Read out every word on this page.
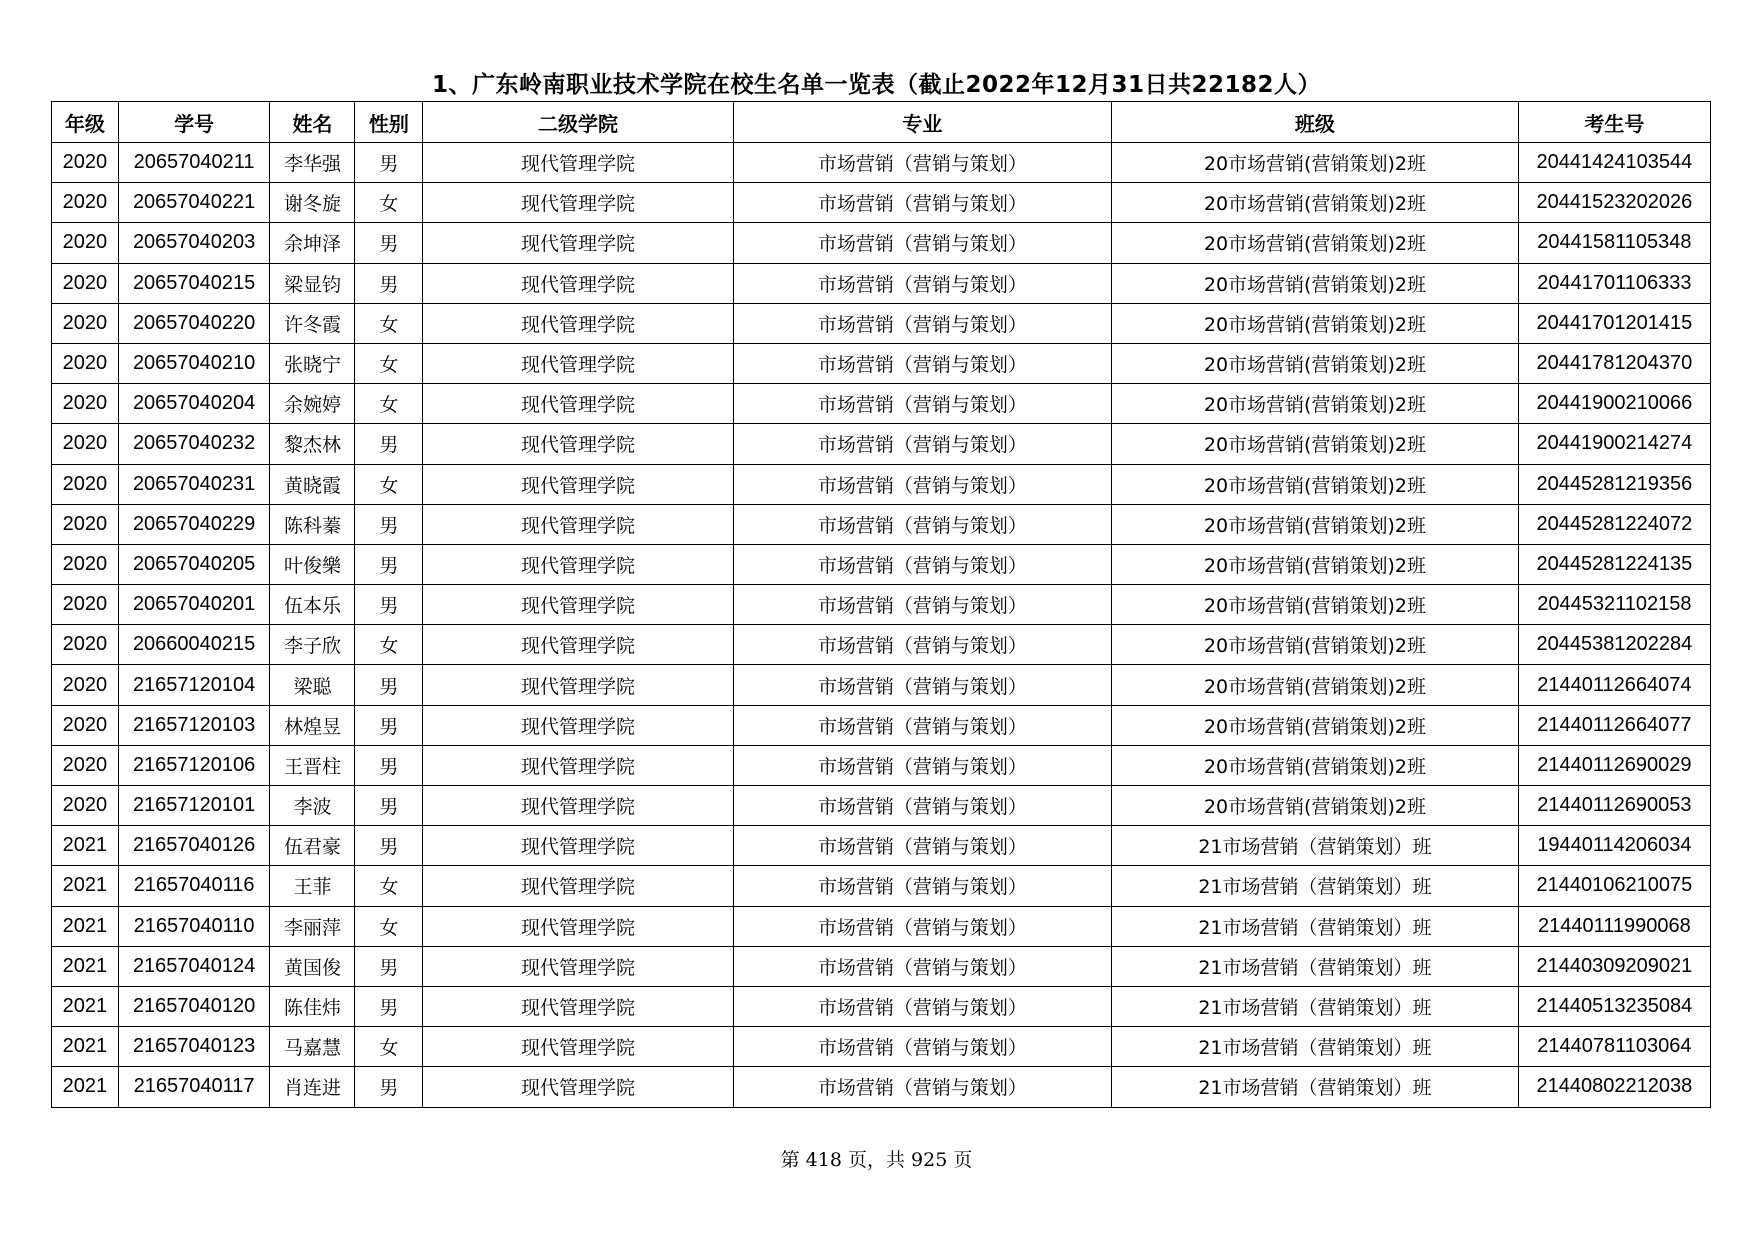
1、广东岭南职业技术学院在校生名单一览表（截止2022年12月31日共22182人）
年级	学号	姓名	性别	二级学院	专业	班级	考生号
2020	20657040211	李华强	男	现代管理学院	市场营销（营销与策划）	20市场营销(营销策划)2班	20441424103544
2020	20657040221	谢冬旋	女	现代管理学院	市场营销（营销与策划）	20市场营销(营销策划)2班	20441523202026
2020	20657040203	余坤泽	男	现代管理学院	市场营销（营销与策划）	20市场营销(营销策划)2班	20441581105348
2020	20657040215	梁显钧	男	现代管理学院	市场营销（营销与策划）	20市场营销(营销策划)2班	20441701106333
2020	20657040220	许冬霞	女	现代管理学院	市场营销（营销与策划）	20市场营销(营销策划)2班	20441701201415
2020	20657040210	张晓宁	女	现代管理学院	市场营销（营销与策划）	20市场营销(营销策划)2班	20441781204370
2020	20657040204	余婉婷	女	现代管理学院	市场营销（营销与策划）	20市场营销(营销策划)2班	20441900210066
2020	20657040232	黎杰林	男	现代管理学院	市场营销（营销与策划）	20市场营销(营销策划)2班	20441900214274
2020	20657040231	黄晓霞	女	现代管理学院	市场营销（营销与策划）	20市场营销(营销策划)2班	20445281219356
2020	20657040229	陈科蓁	男	现代管理学院	市场营销（营销与策划）	20市场营销(营销策划)2班	20445281224072
2020	20657040205	叶俊樂	男	现代管理学院	市场营销（营销与策划）	20市场营销(营销策划)2班	20445281224135
2020	20657040201	伍本乐	男	现代管理学院	市场营销（营销与策划）	20市场营销(营销策划)2班	20445321102158
2020	20660040215	李子欣	女	现代管理学院	市场营销（营销与策划）	20市场营销(营销策划)2班	20445381202284
2020	21657120104	梁聪	男	现代管理学院	市场营销（营销与策划）	20市场营销(营销策划)2班	21440112664074
2020	21657120103	林煌昱	男	现代管理学院	市场营销（营销与策划）	20市场营销(营销策划)2班	21440112664077
2020	21657120106	王晋柱	男	现代管理学院	市场营销（营销与策划）	20市场营销(营销策划)2班	21440112690029
2020	21657120101	李波	男	现代管理学院	市场营销（营销与策划）	20市场营销(营销策划)2班	21440112690053
2021	21657040126	伍君豪	男	现代管理学院	市场营销（营销与策划）	21市场营销（营销策划）班	19440114206034
2021	21657040116	王菲	女	现代管理学院	市场营销（营销与策划）	21市场营销（营销策划）班	21440106210075
2021	21657040110	李丽萍	女	现代管理学院	市场营销（营销与策划）	21市场营销（营销策划）班	21440111990068
2021	21657040124	黄国俊	男	现代管理学院	市场营销（营销与策划）	21市场营销（营销策划）班	21440309209021
2021	21657040120	陈佳炜	男	现代管理学院	市场营销（营销与策划）	21市场营销（营销策划）班	21440513235084
2021	21657040123	马嘉慧	女	现代管理学院	市场营销（营销与策划）	21市场营销（营销策划）班	21440781103064
2021	21657040117	肖连进	男	现代管理学院	市场营销（营销与策划）	21市场营销（营销策划）班	21440802212038
第 418 页，共 925 页
